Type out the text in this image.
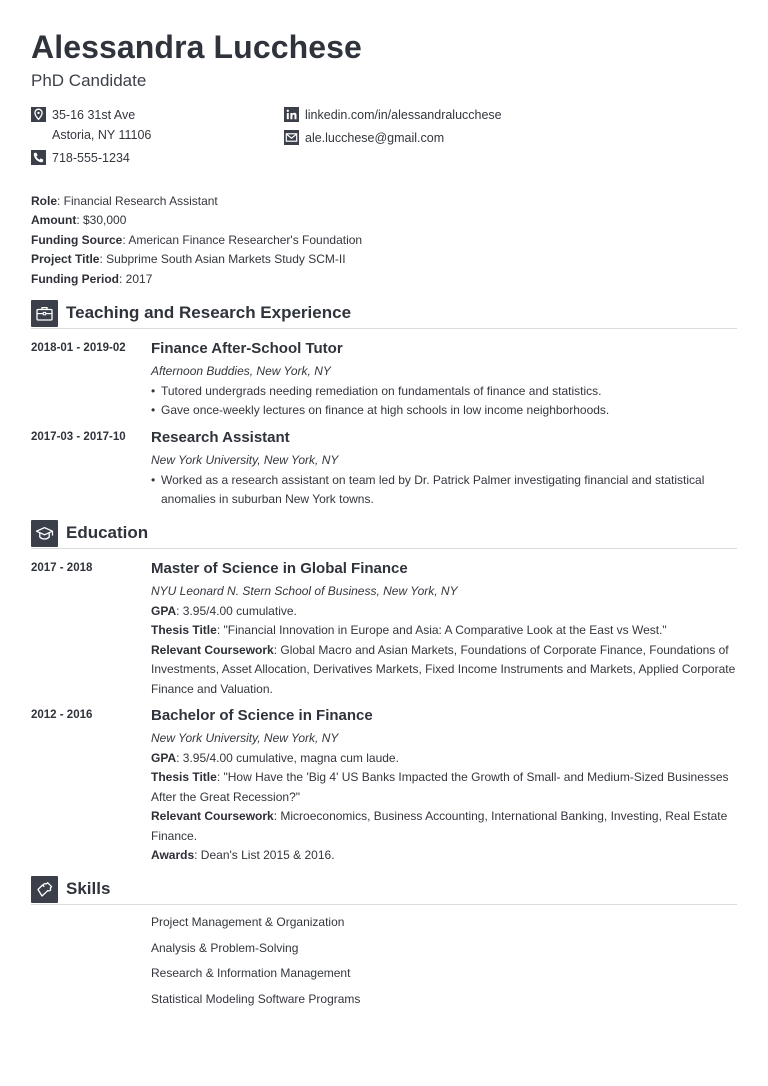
Alessandra Lucchese
PhD Candidate
35-16 31st Ave
Astoria, NY 11106
718-555-1234
linkedin.com/in/alessandralucchese
ale.lucchese@gmail.com
Role: Financial Research Assistant
Amount: $30,000
Funding Source: American Finance Researcher's Foundation
Project Title: Subprime South Asian Markets Study SCM-II
Funding Period: 2017
Teaching and Research Experience
2018-01 - 2019-02 Finance After-School Tutor
Afternoon Buddies, New York, NY
• Tutored undergrads needing remediation on fundamentals of finance and statistics.
• Gave once-weekly lectures on finance at high schools in low income neighborhoods.
2017-03 - 2017-10 Research Assistant
New York University, New York, NY
• Worked as a research assistant on team led by Dr. Patrick Palmer investigating financial and statistical anomalies in suburban New York towns.
Education
2017 - 2018	Master of Science in Global Finance
NYU Leonard N. Stern School of Business, New York, NY
GPA: 3.95/4.00 cumulative.
Thesis Title: "Financial Innovation in Europe and Asia: A Comparative Look at the East vs West."
Relevant Coursework: Global Macro and Asian Markets, Foundations of Corporate Finance, Foundations of Investments, Asset Allocation, Derivatives Markets, Fixed Income Instruments and Markets, Applied Corporate Finance and Valuation.
2012 - 2016	Bachelor of Science in Finance
New York University, New York, NY
GPA: 3.95/4.00 cumulative, magna cum laude.
Thesis Title: "How Have the 'Big 4' US Banks Impacted the Growth of Small- and Medium-Sized Businesses After the Great Recession?"
Relevant Coursework: Microeconomics, Business Accounting, International Banking, Investing, Real Estate Finance.
Awards: Dean's List 2015 & 2016.
Skills
Project Management & Organization
Analysis & Problem-Solving
Research & Information Management
Statistical Modeling Software Programs
